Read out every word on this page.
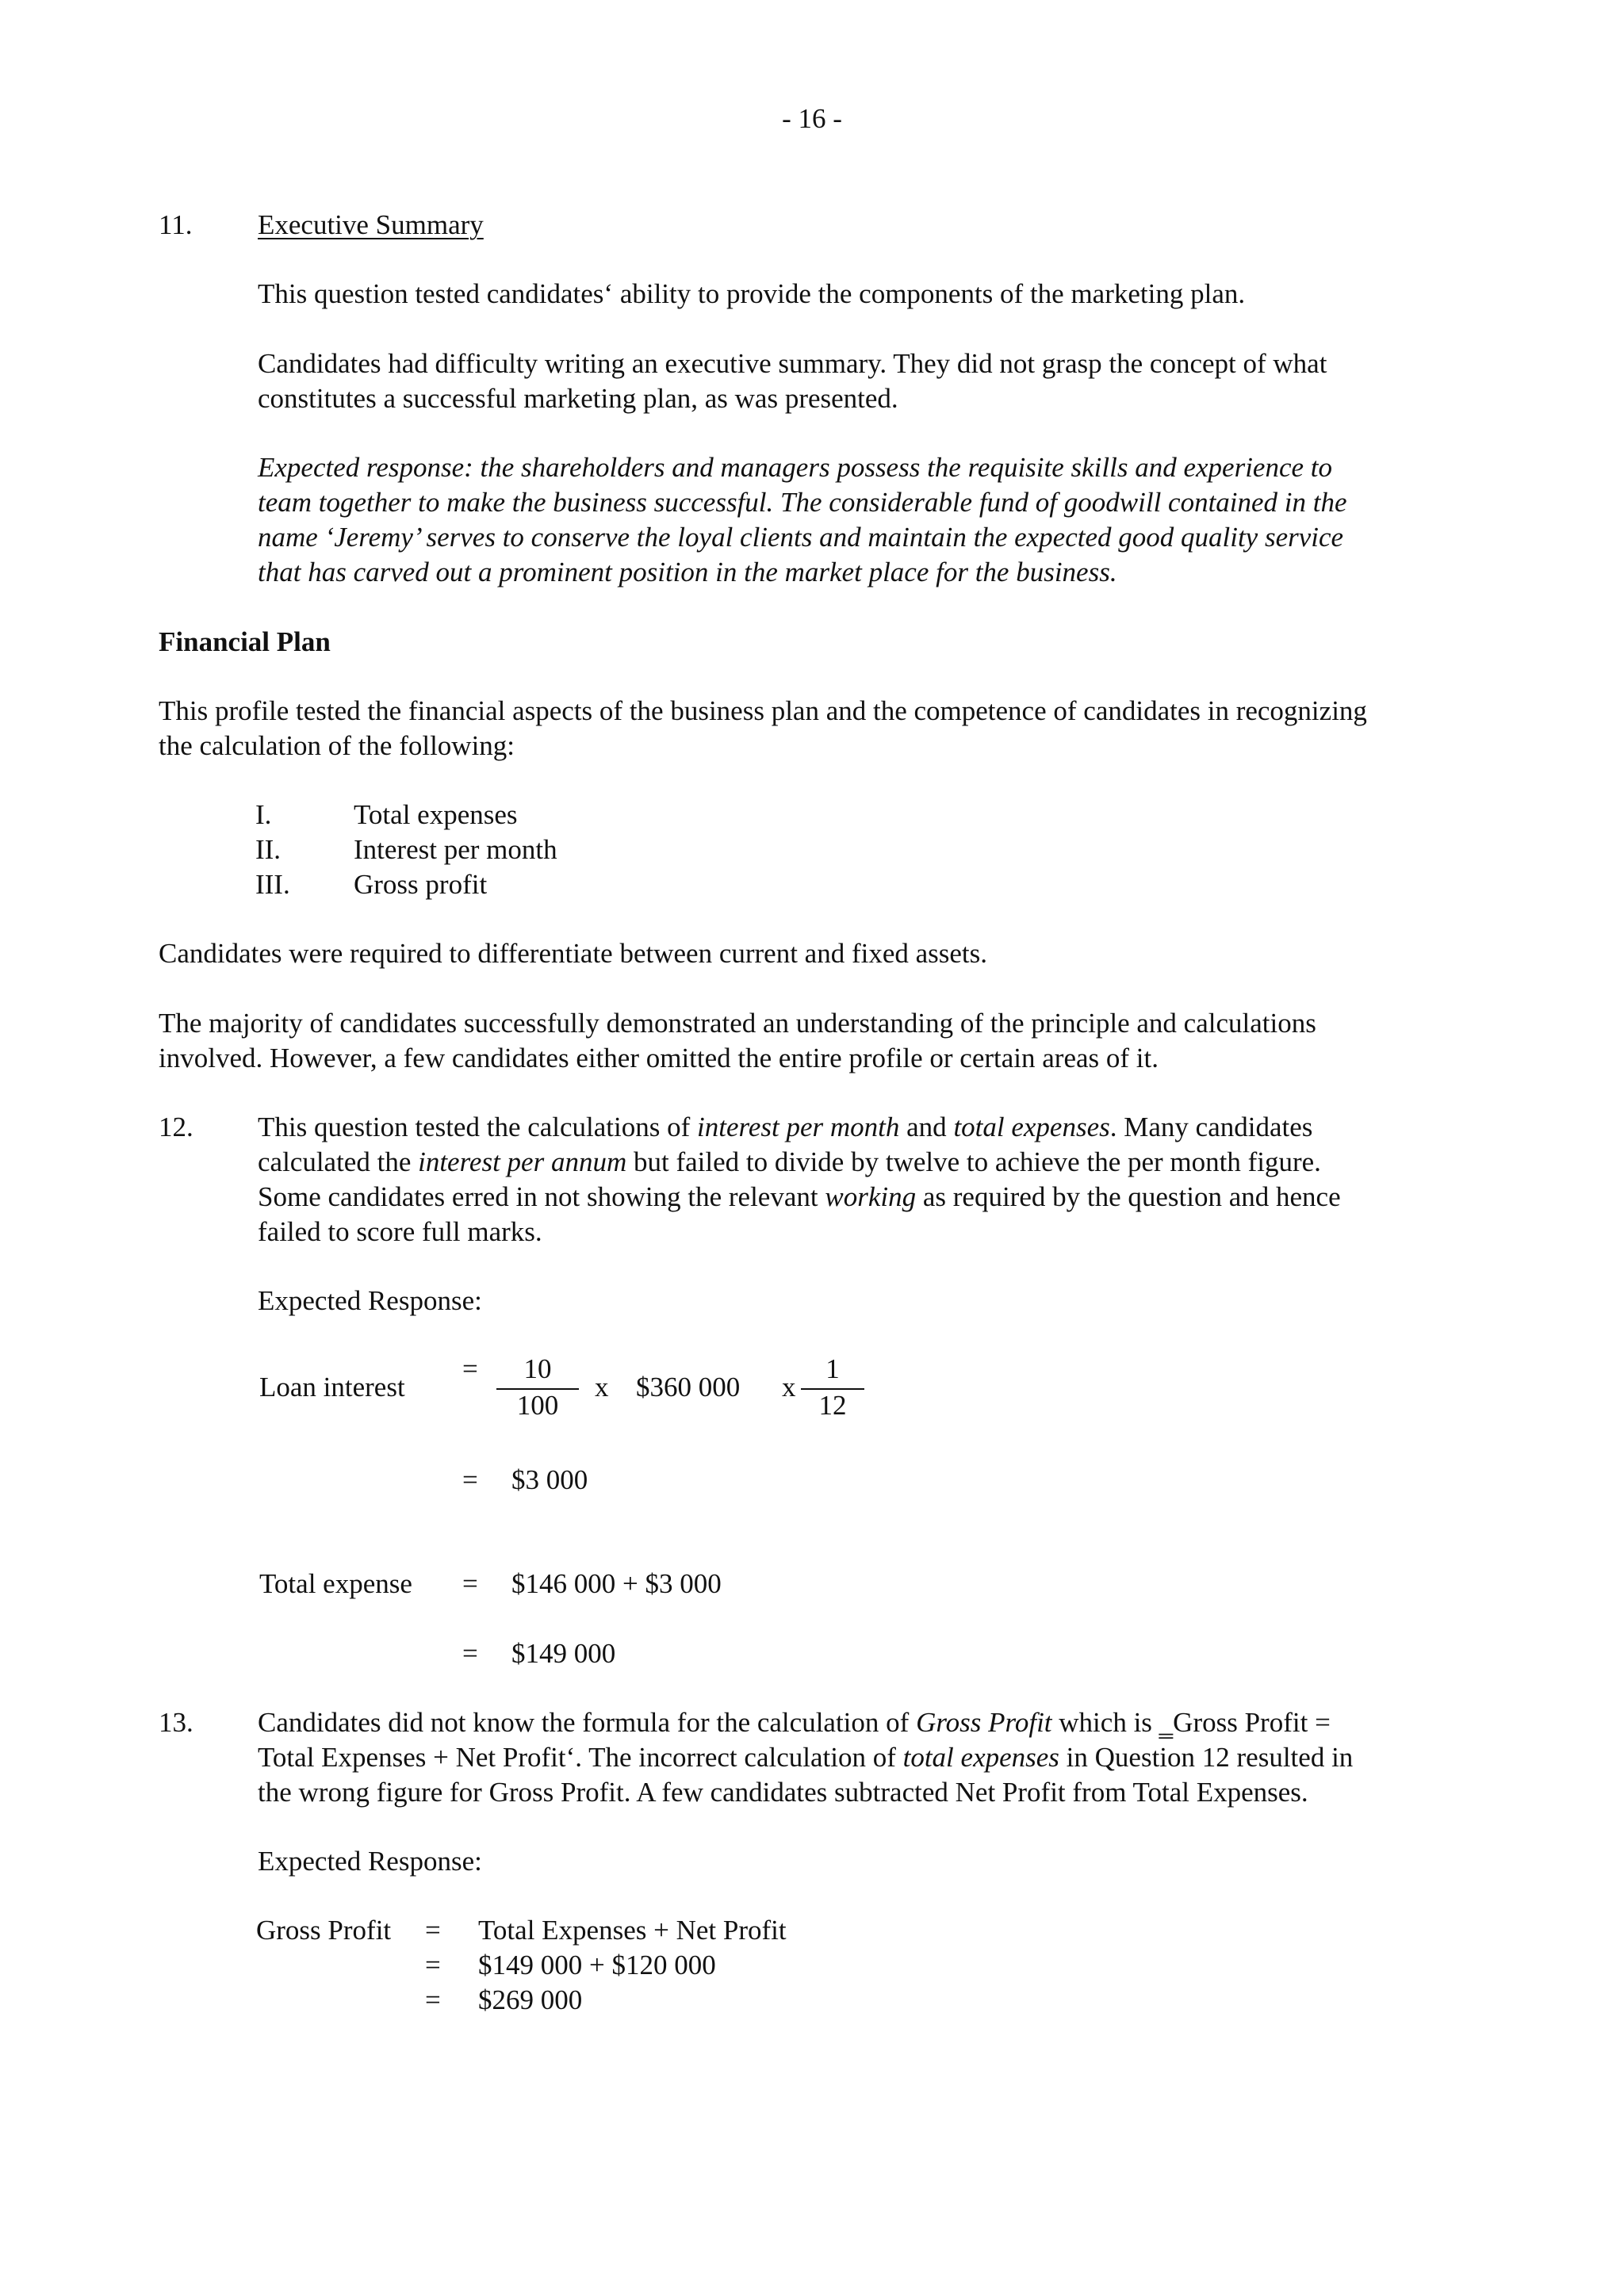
- 16 -
11. Executive Summary
This question tested candidates‘ ability to provide the components of the marketing plan.
Candidates had difficulty writing an executive summary. They did not grasp the concept of what
constitutes a successful marketing plan, as was presented.
Expected response: the shareholders and managers possess the requisite skills and experience to
team together to make the business successful. The considerable fund of goodwill contained in the
name ‘Jeremy’ serves to conserve the loyal clients and maintain the expected good quality service
that has carved out a prominent position in the market place for the business.
Financial Plan
This profile tested the financial aspects of the business plan and the competence of candidates in recognizing
the calculation of the following:
I.	Total expenses
II.	Interest per month
III. Gross profit
Candidates were required to differentiate between current and fixed assets.
The majority of candidates successfully demonstrated an understanding of the principle and calculations
involved. However, a few candidates either omitted the entire profile or certain areas of it.
12. This question tested the calculations of interest per month and total expenses. Many candidates
calculated the interest per annum but failed to divide by twelve to achieve the per month figure.
Some candidates erred in not showing the relevant working as required by the question and hence
failed to score full marks.
Expected Response:
Loan interest
=	10
100
x $360 000 x
1
12
= $3 000
Total expense = $146 000 + $3 000
= $149 000
13. Candidates did not know the formula for the calculation of Gross Profit which is ‗Gross Profit =
Total Expenses + Net Profit‘. The incorrect calculation of total expenses in Question 12 resulted in
the wrong figure for Gross Profit. A few candidates subtracted Net Profit from Total Expenses.
Expected Response:
Gross Profit = Total Expenses + Net Profit
= $149 000 + $120 000
= $269 000
